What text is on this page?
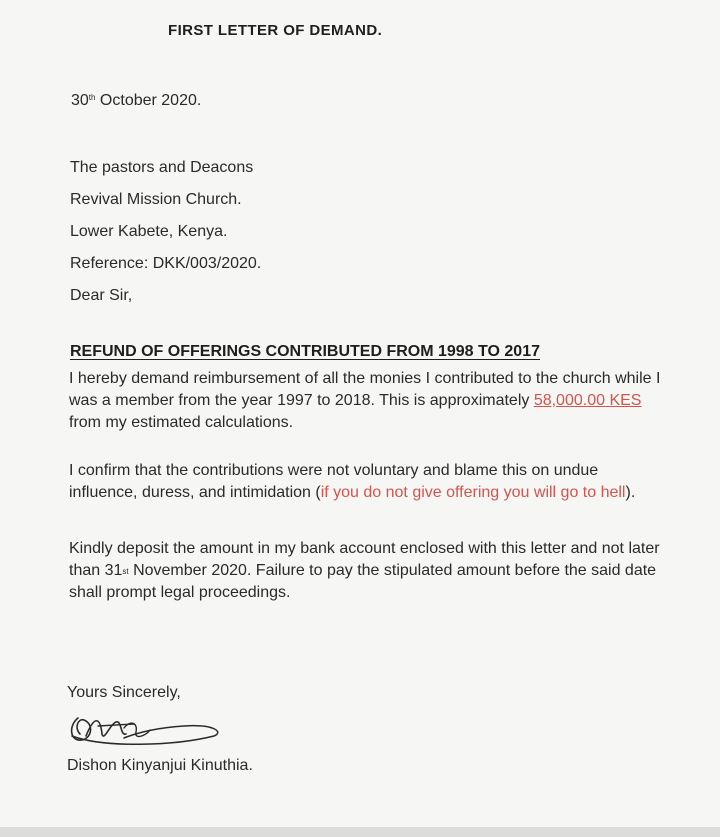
FIRST LETTER OF DEMAND.
30th October 2020.
The pastors and Deacons
Revival Mission Church.
Lower Kabete, Kenya.
Reference: DKK/003/2020.
Dear Sir,
REFUND OF OFFERINGS CONTRIBUTED FROM 1998 TO 2017
I hereby demand reimbursement of all the monies I contributed to the church while I was a member from the year 1997 to 2018. This is approximately 58,000.00 KES from my estimated calculations.
I confirm that the contributions were not voluntary and blame this on undue influence, duress, and intimidation (if you do not give offering you will go to hell).
Kindly deposit the amount in my bank account enclosed with this letter and not later than 31st November 2020. Failure to pay the stipulated amount before the said date shall prompt legal proceedings.
Yours Sincerely,
Dishon Kinyanjui Kinuthia.
